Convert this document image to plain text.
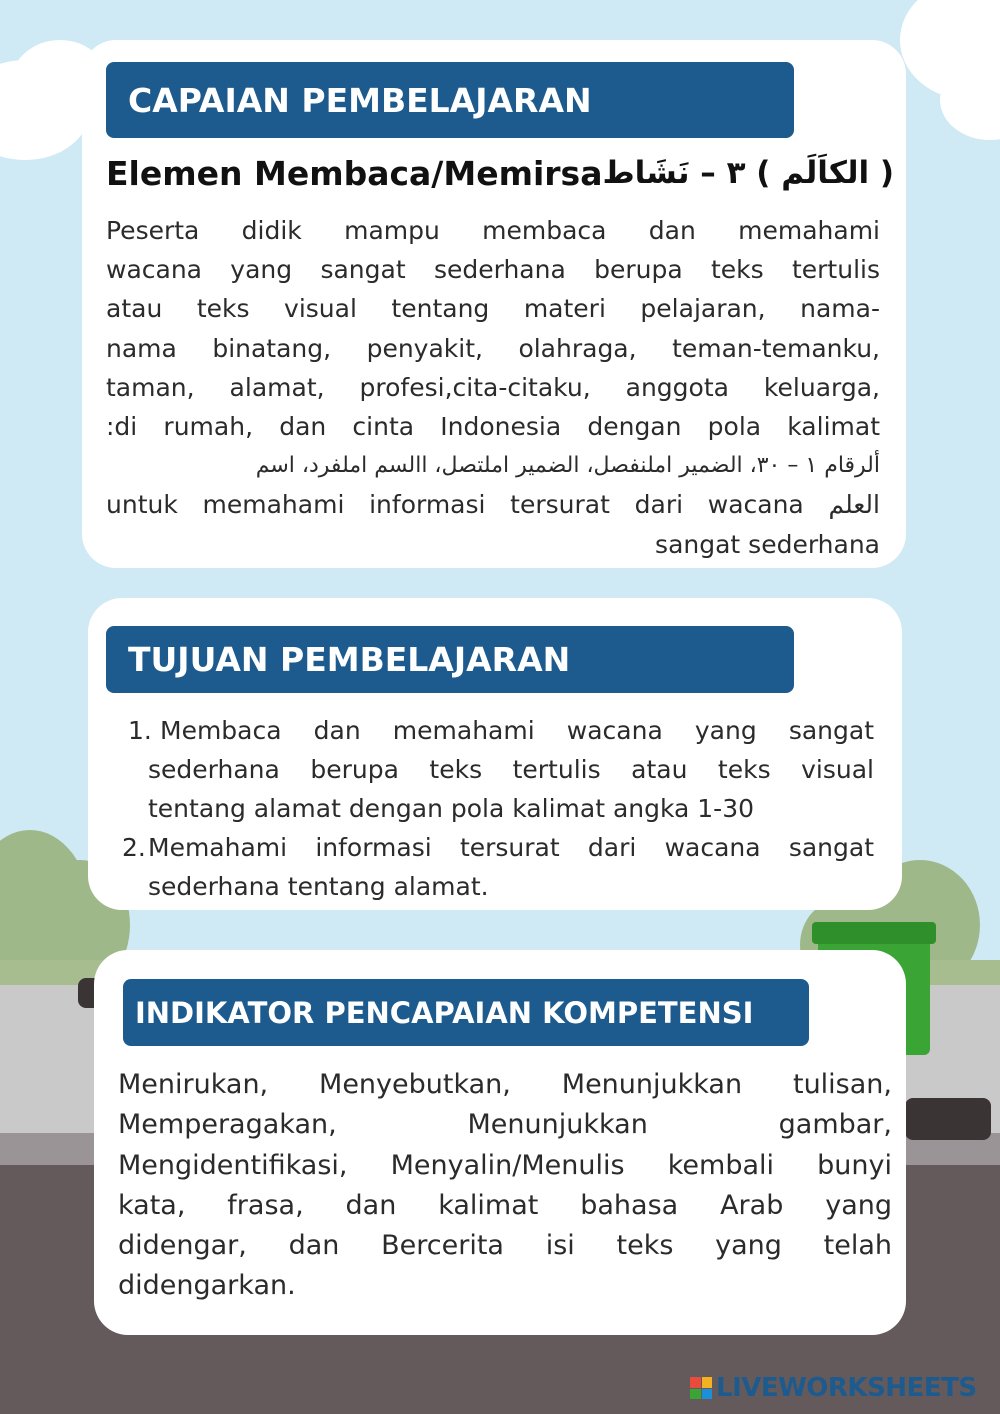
CAPAIAN PEMBELAJARAN
Elemen Membaca/Memirsa ( الكاَلَم ) ٣ – نَشَاط
Peserta didik mampu membaca dan memahami
wacana yang sangat sederhana berupa teks tertulis
atau teks visual tentang materi pelajaran, nama-
nama binatang, penyakit, olahraga, teman-temanku,
taman, alamat, profesi,cita-citaku, anggota keluarga,
:di rumah, dan cinta Indonesia dengan pola kalimat
ألرقام ١ – ٣٠، الضمير املنفصل، الضمير املتصل، االسم املفرد، اسم
untuk memahami informasi tersurat dari wacana العلم
sangat sederhana
TUJUAN PEMBELAJARAN
1. Membaca dan memahami wacana yang sangat
sederhana berupa teks tertulis atau teks visual
tentang alamat dengan pola kalimat angka 1-30
2. Memahami informasi tersurat dari wacana sangat
sederhana tentang alamat.
INDIKATOR PENCAPAIAN KOMPETENSI
Menirukan, Menyebutkan, Menunjukkan tulisan,
Memperagakan, Menunjukkan gambar,
Mengidentifikasi, Menyalin/Menulis kembali bunyi
kata, frasa, dan kalimat bahasa Arab yang
didengar, dan Bercerita isi teks yang telah
didengarkan.
LIVEWORKSHEETS
